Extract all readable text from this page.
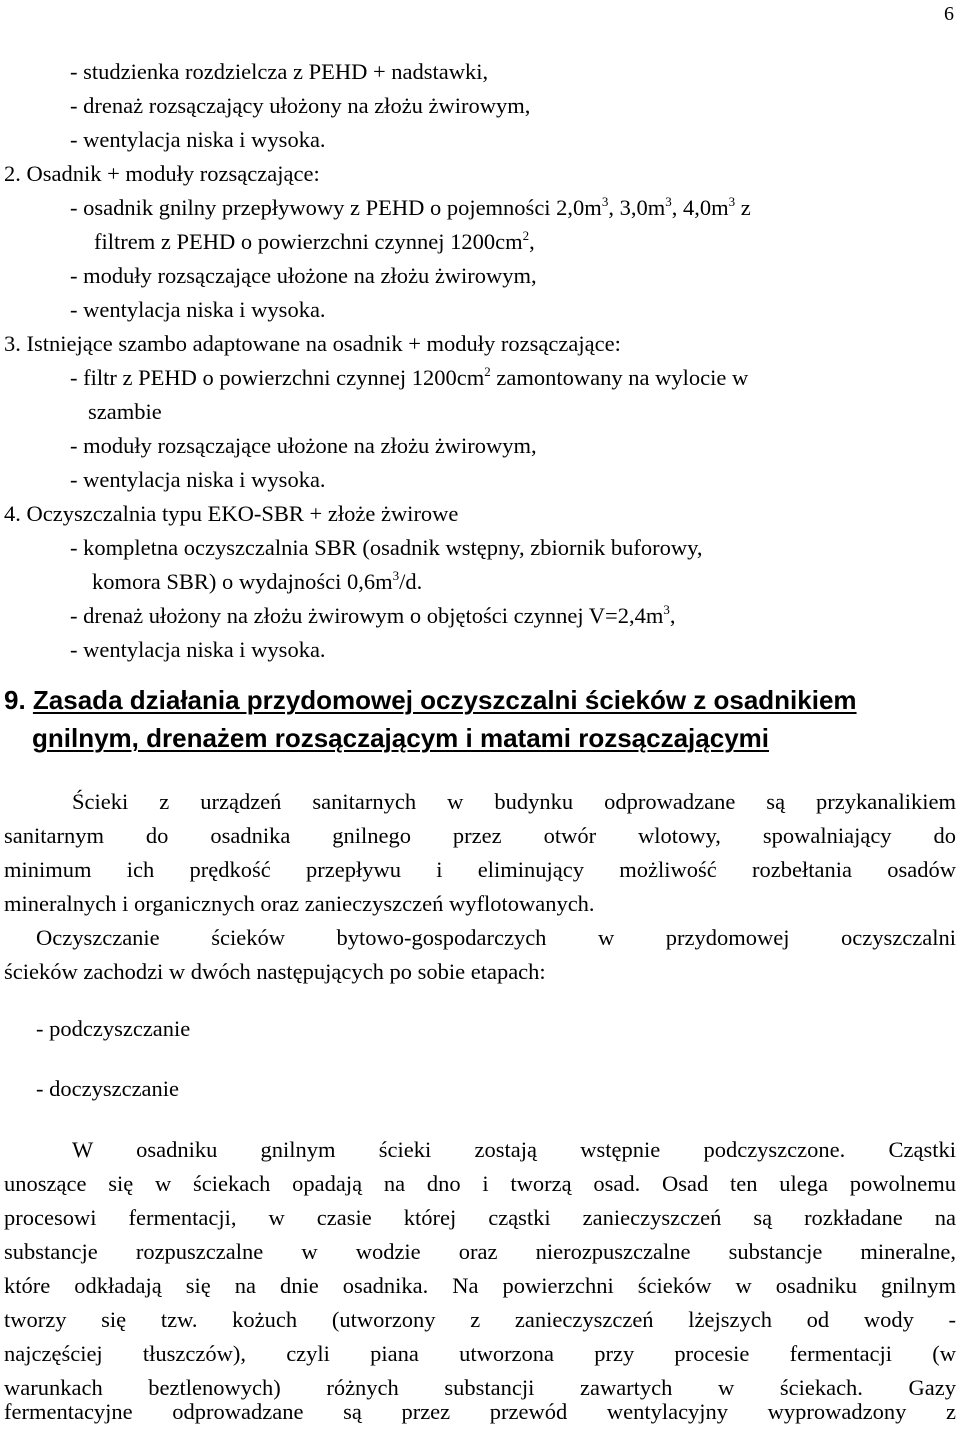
6
- studzienka rozdzielcza z PEHD + nadstawki,
- drenaż rozsączający ułożony na złożu żwirowym,
- wentylacja niska i wysoka.
2. Osadnik + moduły rozsączające:
- osadnik gnilny przepływowy z PEHD o pojemności $2,0m^3$, $3,0m^3$, $4,0m^3$ z
filtrem z PEHD o powierzchni czynnej $1200cm^2$,
- moduły rozsączające ułożone na złożu żwirowym,
- wentylacja niska i wysoka.
3. Istniejące szambo adaptowane na osadnik + moduły rozsączające:
- filtr z PEHD o powierzchni czynnej $1200cm^2$ zamontowany na wylocie w
szambie
- moduły rozsączające ułożone na złożu żwirowym,
- wentylacja niska i wysoka.
4. Oczyszczalnia typu EKO-SBR + złoże żwirowe
- kompletna oczyszczalnia SBR (osadnik wstępny, zbiornik buforowy,
komora SBR) o wydajności $0,6m^3/d$.
- drenaż ułożony na złożu żwirowym o objętości czynnej $V=2,4m^3$,
- wentylacja niska i wysoka.
9. Zasada działania przydomowej oczyszczalni ścieków z osadnikiem
gnilnym, drenażem rozsączającym i matami rozsączającymi
Ścieki z urządzeń sanitarnych w budynku odprowadzane są przykanalikiem
sanitarnym do osadnika gnilnego przez otwór wlotowy, spowalniający do
minimum ich prędkość przepływu i eliminujący możliwość rozbełtania osadów
mineralnych i organicznych oraz zanieczyszczeń wyflotowanych.
Oczyszczanie ścieków bytowo-gospodarczych w przydomowej oczyszczalni
ścieków zachodzi w dwóch następujących po sobie etapach:
- podczyszczanie
- doczyszczanie
W osadniku gnilnym ścieki zostają wstępnie podczyszczone. Cząstki
unoszące się w ściekach opadają na dno i tworzą osad. Osad ten ulega powolnemu
procesowi fermentacji, w czasie której cząstki zanieczyszczeń są rozkładane na
substancje rozpuszczalne w wodzie oraz nierozpuszczalne substancje mineralne,
które odkładają się na dnie osadnika. Na powierzchni ścieków w osadniku gnilnym
tworzy się tzw. kożuch (utworzony z zanieczyszczeń lżejszych od wody -
najczęściej tłuszczów), czyli piana utworzona przy procesie fermentacji (w
warunkach beztlenowych) różnych substancji zawartych w ściekach. Gazy
fermentacyjne odprowadzane są przez przewód wentylacyjny wyprowadzony z
